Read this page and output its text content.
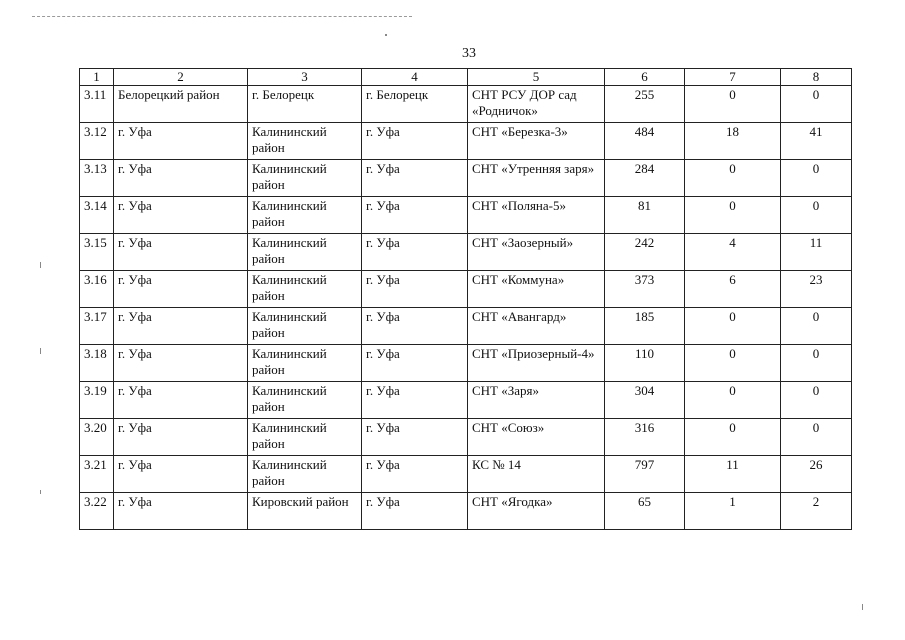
33
1	2	3	4	5	6	7	8
3.11	Белорецкий район	г. Белорецк	г. Белорецк	СНТ РСУ ДОР сад «Родничок»	255	0	0
3.12	г. Уфа	Калининский район	г. Уфа	СНТ «Березка-3»	484	18	41
3.13	г. Уфа	Калининский район	г. Уфа	СНТ «Утренняя заря»	284	0	0
3.14	г. Уфа	Калининский район	г. Уфа	СНТ «Поляна-5»	81	0	0
3.15	г. Уфа	Калининский район	г. Уфа	СНТ «Заозерный»	242	4	11
3.16	г. Уфа	Калининский район	г. Уфа	СНТ «Коммуна»	373	6	23
3.17	г. Уфа	Калининский район	г. Уфа	СНТ «Авангард»	185	0	0
3.18	г. Уфа	Калининский район	г. Уфа	СНТ «Приозерный-4»	110	0	0
3.19	г. Уфа	Калининский район	г. Уфа	СНТ «Заря»	304	0	0
3.20	г. Уфа	Калининский район	г. Уфа	СНТ «Союз»	316	0	0
3.21	г. Уфа	Калининский район	г. Уфа	КС № 14	797	11	26
3.22	г. Уфа	Кировский район	г. Уфа	СНТ «Ягодка»	65	1	2
